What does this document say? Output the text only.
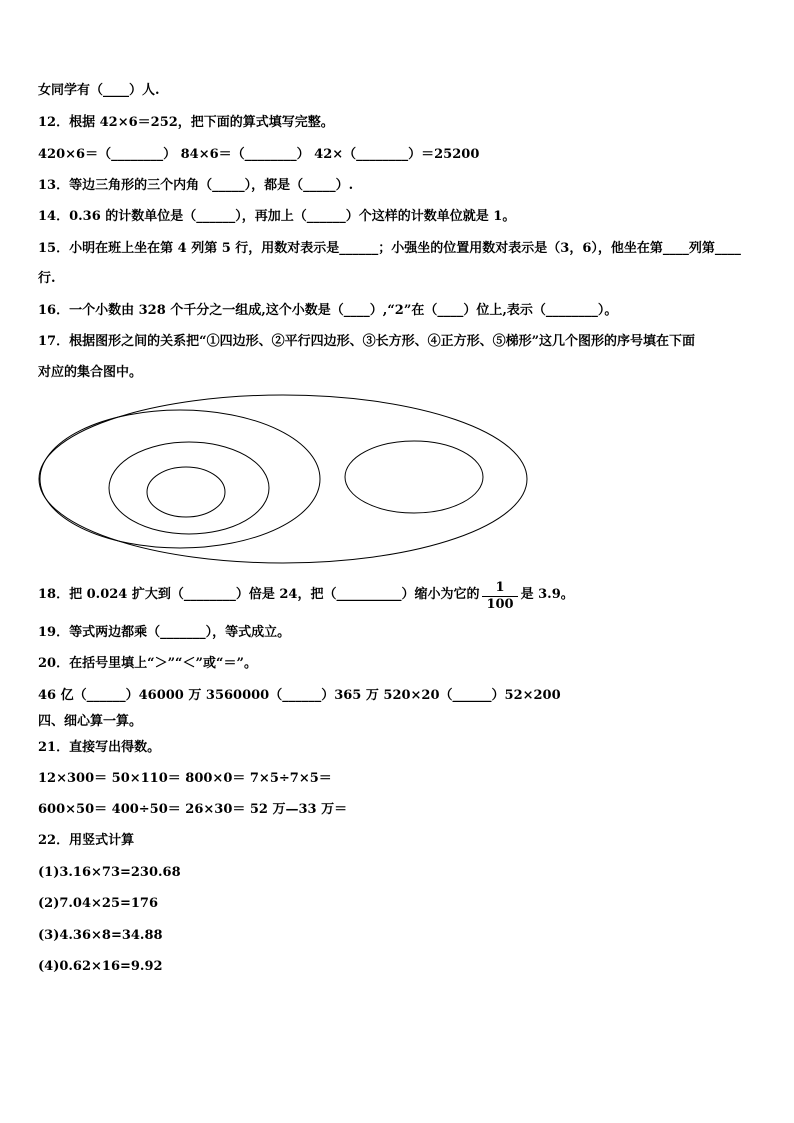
女同学有（____）人.
12．根据 42×6＝252，把下面的算式填写完整。
420×6＝（________） 84×6＝（________） 42×（________）＝25200
13．等边三角形的三个内角（_____），都是（_____）.
14．0.36 的计数单位是（______），再加上（______）个这样的计数单位就是 1。
15．小明在班上坐在第 4 列第 5 行，用数对表示是______；小强坐的位置用数对表示是（3，6），他坐在第____列第____
行.
16．一个小数由 328 个千分之一组成,这个小数是（____）,“2”在（____）位上,表示（________）。
17．根据图形之间的关系把“①四边形、②平行四边形、③长方形、④正方形、⑤梯形”这几个图形的序号填在下面
对应的集合图中。
18．把 0.024 扩大到（________）倍是 24，把（__________）缩小为它的 $\frac{1}{100}$ 是 3.9。
19．等式两边都乘（_______），等式成立。
20．在括号里填上“＞”“＜”或“＝”。
46 亿（______）46000 万 3560000（______）365 万 520×20（______）52×200
四、细心算一算。
21．直接写出得数。
12×300＝ 50×110＝ 800×0＝ 7×5÷7×5＝
600×50＝ 400÷50＝ 26×30＝ 52 万—33 万＝
22．用竖式计算
(1)3.16×73=230.68
(2)7.04×25=176
(3)4.36×8=34.88
(4)0.62×16=9.92
